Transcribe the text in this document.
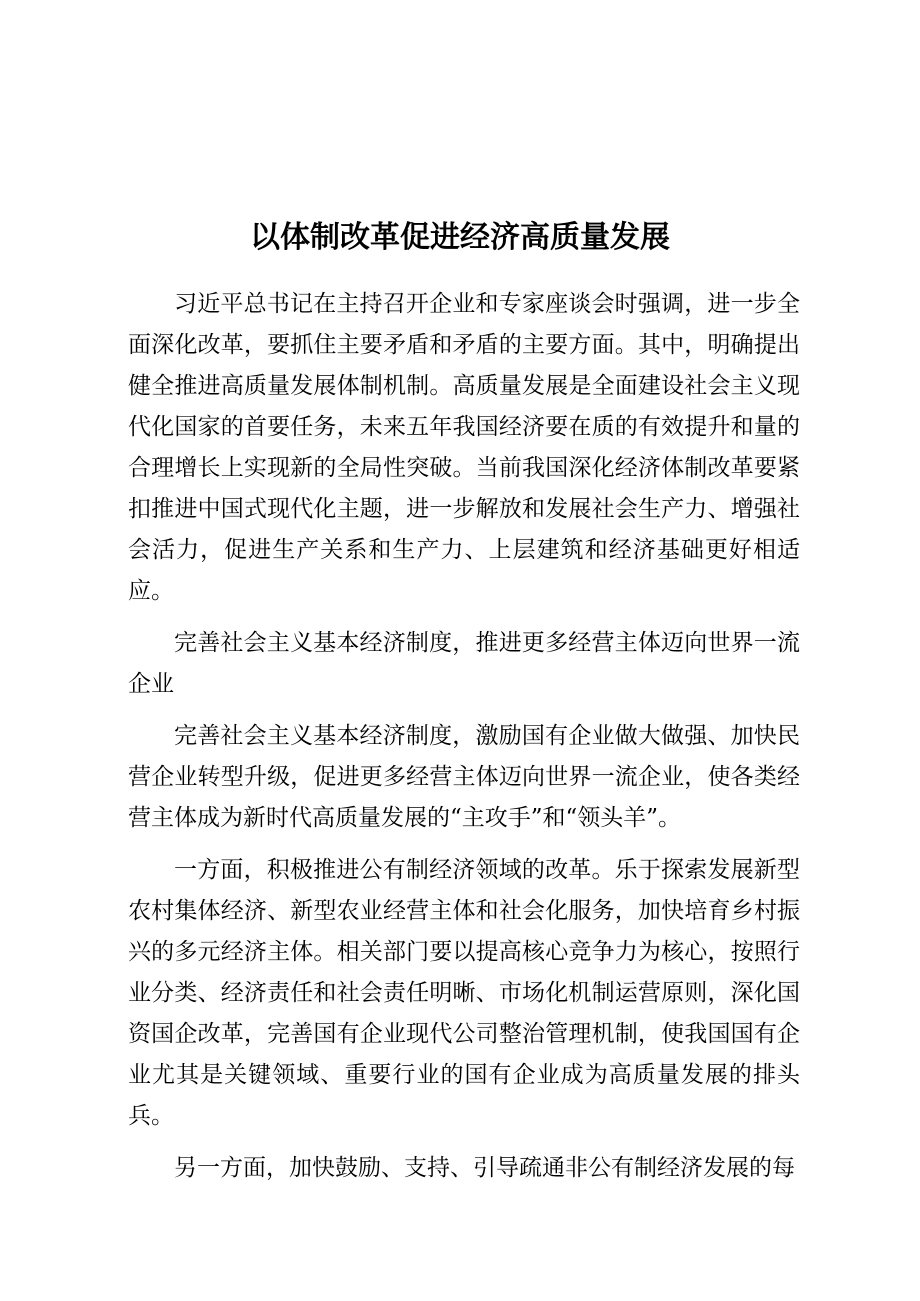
以体制改革促进经济高质量发展

习近平总书记在主持召开企业和专家座谈会时强调，进一步全面深化改革，要抓住主要矛盾和矛盾的主要方面。其中，明确提出健全推进高质量发展体制机制。高质量发展是全面建设社会主义现代化国家的首要任务，未来五年我国经济要在质的有效提升和量的合理增长上实现新的全局性突破。当前我国深化经济体制改革要紧扣推进中国式现代化主题，进一步解放和发展社会生产力、增强社会活力，促进生产关系和生产力、上层建筑和经济基础更好相适应。

完善社会主义基本经济制度，推进更多经营主体迈向世界一流企业

完善社会主义基本经济制度，激励国有企业做大做强、加快民营企业转型升级，促进更多经营主体迈向世界一流企业，使各类经营主体成为新时代高质量发展的“主攻手”和“领头羊”。

一方面，积极推进公有制经济领域的改革。乐于探索发展新型农村集体经济、新型农业经营主体和社会化服务，加快培育乡村振兴的多元经济主体。相关部门要以提高核心竞争力为核心，按照行业分类、经济责任和社会责任明晰、市场化机制运营原则，深化国资国企改革，完善国有企业现代公司整治管理机制，使我国国有企业尤其是关键领域、重要行业的国有企业成为高质量发展的排头兵。

另一方面，加快鼓励、支持、引导疏通非公有制经济发展的每
